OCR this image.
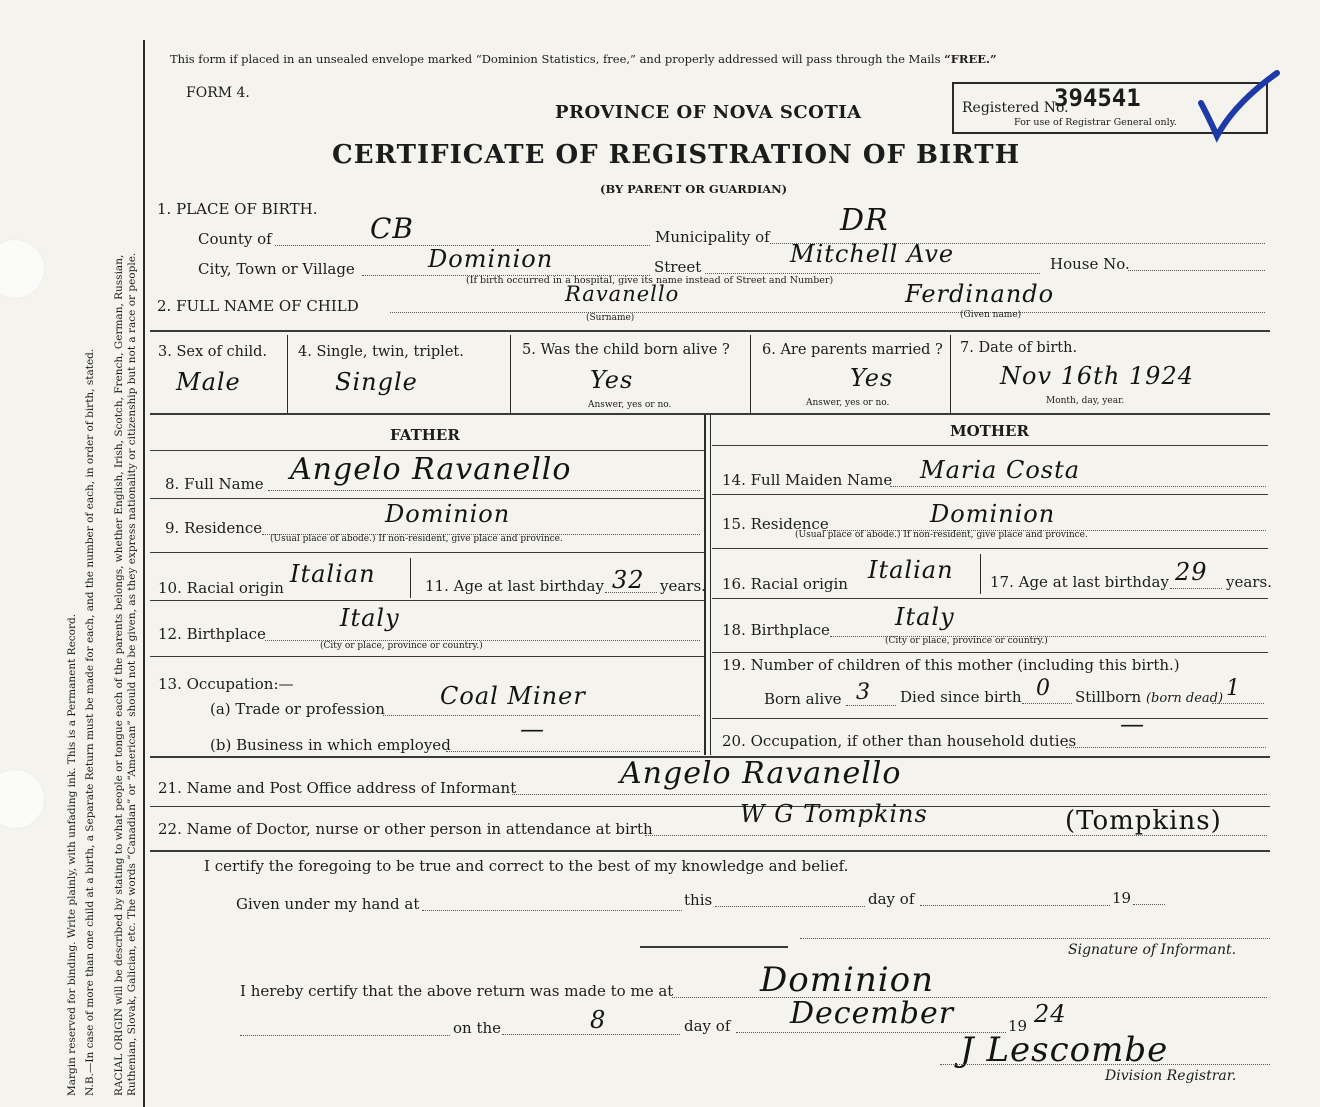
Margin reserved for binding. Write plainly, with unfading ink. This is a Permanent Record. N.B.—In case of more than one child at a birth, a Separate Return must be made for each, and the number of each, in order of birth, stated. RACIAL ORIGIN will be described by stating to what people or tongue each of the parents belongs, whether English, Irish, Scotch, French, German, Russian, Ruthenian, Slovak, Galician, etc. The words “Canadian” or “American” should not be given, as they express nationality or citizenship but not a race or people.
This form if placed in an unsealed envelope marked “Dominion Statistics, free,” and properly addressed will pass through the Mails “FREE.”
FORM 4.
PROVINCE OF NOVA SCOTIA
CERTIFICATE OF REGISTRATION OF BIRTH
(BY PARENT OR GUARDIAN)
Registered No.
394541
For use of Registrar General only.
1. PLACE OF BIRTH.
County of	CB	Municipality of DR
City, Town or Village	Dominion	Street	Mitchell Ave	House No.
(If birth occurred in a hospital, give its name instead of Street and Number)
2. FULL NAME OF CHILD	Ravanello	Ferdinando
(Surname)	(Given name)
3. Sex of child.
Male
4. Single, twin, triplet.
Single
5. Was the child born alive ?
Yes
Answer, yes or no.
6. Are parents married ?
Yes
Answer, yes or no.
7. Date of birth.
Nov 16th 1924
Month, day, year.
FATHER	MOTHER
8. Full Name Angelo Ravanello
9. Residence	Dominion
(Usual place of abode.) If non-resident, give place and province.
10. Racial origin Italian	11. Age at last birthday 32 years.
12. Birthplace
Italy
(City or place, province or country.)
13. Occupation:—
(a) Trade or profession Coal Miner
(b) Business in which employed
—
14. Full Maiden Name Maria Costa
15. Residence	Dominion
(Usual place of abode.) If non-resident, give place and province.
16. Racial origin Italian 17. Age at last birthday 29 years.
18. Birthplace	Italy
(City or place, province or country.)
19. Number of children of this mother (including this birth.)
Born alive 3 Died since birth 0 Stillborn (born dead) 1
20. Occupation, if other than household duties
—
21. Name and Post Office address of Informant	Angelo Ravanello
22. Name of Doctor, nurse or other person in attendance at birth
W G Tompkins	(Tompkins)
I certify the foregoing to be true and correct to the best of my knowledge and belief.
Given under my hand at	this	day of	19
Signature of Informant.
I hereby certify that the above return was made to me at	Dominion
on the	8	day of December	19 24
J Lescombe
Division Registrar.
